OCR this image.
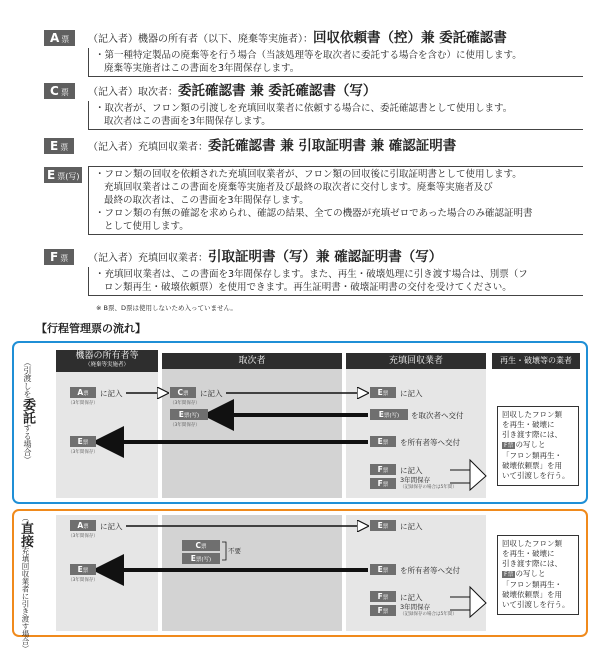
A票	（記入者）機器の所有者（以下、廃棄等実施者）：回収依頼書（控）兼 委託確認書
・第一種特定製品の廃棄等を行う場合（当該処理等を取次者に委託する場合を含む）に使用します。
廃棄等実施者はこの書面を3年間保存します。
C票	（記入者）取次者：委託確認書 兼 委託確認書（写）
・取次者が、フロン類の引渡しを充填回収業者に依頼する場合に、委託確認書として使用します。
取次者はこの書面を3年間保存します。
E票	（記入者）充填回収業者：委託確認書 兼 引取証明書 兼 確認証明書
E票(写)	・フロン類の回収を依頼された充填回収業者が、フロン類の回収後に引取証明書として使用します。
充填回収業者はこの書面を廃棄等実施者及び最終の取次者に交付します。廃棄等実施者及び
最終の取次者は、この書面を3年間保存します。
・フロン類の有無の確認を求められ、確認の結果、全ての機器が充填ゼロであった場合のみ確認証明書
として使用します。
F票	（記入者）充填回収業者：引取証明書（写）兼 確認証明書（写）
・充填回収業者は、この書面を3年間保存します。また、再生・破壊処理に引き渡す場合は、別票（フ
ロン類再生・破壊依頼票）を使用できます。再生証明書・破壊証明書の交付を受けてください。
※ B票、D票は使用しないため入っていません。
【行程管理票の流れ】
機器の所有者等
（廃棄等実施者）	取次者	充填回収業者	再生・破壊等の業者
（引渡しを委託する場合）
（直接充填回収業者に引き渡す場合）
A票	に記入
（3年間保存）
C票	に記入
（3年間保存）
E票(写)
（3年間保存）
E票
（3年間保存）
E票	に記入
E票(写)	を取次者へ交付
E票	を所有者等へ交付
F票	に記入
F票
3年間保存
（記録保存の場合は5年間）
回収したフロン類
を再生・破壊に
引き渡す際には、
F票 の写しと
「フロン類再生・
破壊依頼票」を用
いて引渡しを行う。
A票	に記入
（3年間保存）
C票
E票(写)
不要
E票
（3年間保存）
E票	に記入
E票	を所有者等へ交付
F票	に記入
F票
3年間保存
（記録保存の場合は5年間）
回収したフロン類
を再生・破壊に
引き渡す際には、
F票 の写しと
「フロン類再生・
破壊依頼票」を用
いて引渡しを行う。
